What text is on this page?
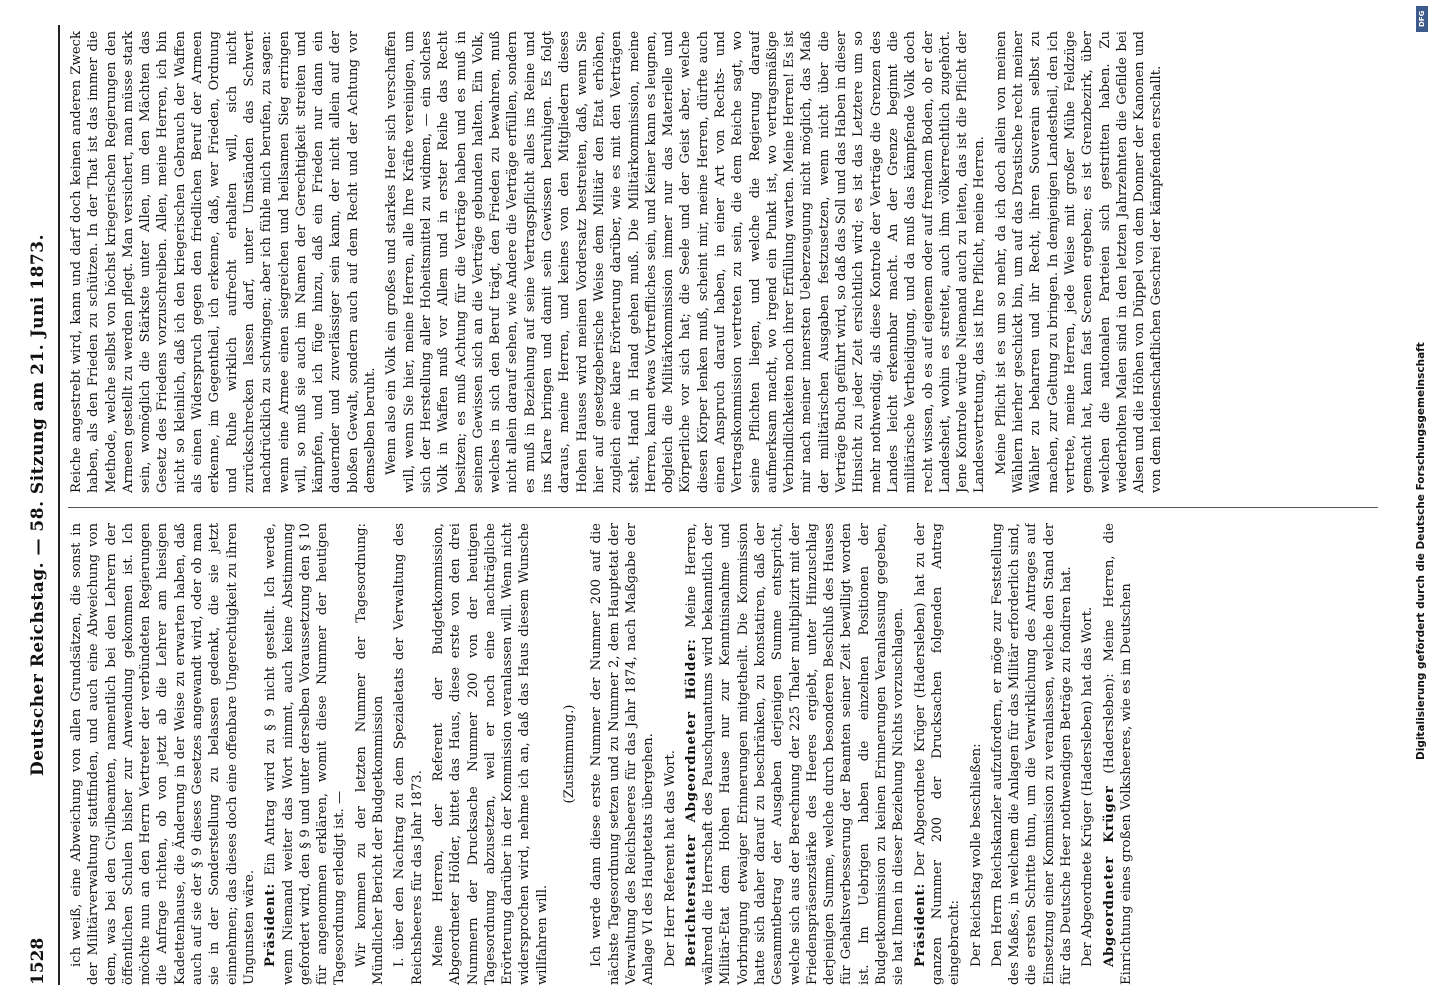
1528
Deutscher Reichstag. — 58. Sitzung am 21. Juni 1873. ich weiß, eine Abweichung von allen Grundsätzen, die sonst in der Militärverwaltung stattfinden, und auch eine Abweichung von dem, was bei den Civilbeamten, namentlich bei den Lehrern der öffentlichen Schulen bisher zur Anwendung gekommen ist. Ich möchte nun an den Herrn Vertreter der verbündeten Regierungen die Anfrage richten, ob von jetzt ab die Lehrer am hiesigen Kadettenhause, die Änderung in der Weise zu erwarten haben, daß auch auf sie der § 9 dieses Gesetzes angewandt wird, oder ob man sie in der Sonderstellung zu belassen gedenkt, die sie jetzt einnehmen; das dieses doch eine offenbare Ungerechtigkeit zu ihren Ungunsten wäre. Präsident: Ein Antrag wird zu § 9 nicht gestellt. Ich werde, wenn Niemand weiter das Wort nimmt, auch keine Abstimmung gefordert wird, den § 9 und unter derselben Voraussetzung den § 10 für angenommen erklären, womit diese Nummer der heutigen Tagesordnung erledigt ist. — Wir kommen zu der letzten Nummer der Tagesordnung: Mündlicher Bericht der Budgetkommission I. über den Nachtrag zu dem Spezialetats der Verwaltung des Reichsheeres für das Jahr 1873. Meine Herren, der Referent der Budgetkommission, Abgeordneter Hölder, bittet das Haus, diese erste von den drei Nummern der Drucksache Nummer 200 von der heutigen Tagesordnung abzusetzen, weil er noch eine nachträgliche Erörterung darüber in der Kommission veranlassen will. Wenn nicht widersprochen wird, nehme ich an, daß das Haus diesem Wunsche willfahren will.

(Zustimmung.) Ich werde dann diese erste Nummer der Nummer 200 auf die nächste Tagesordnung setzen und zu Nummer 2, dem Hauptetat der Verwaltung des Reichsheeres für das Jahr 1874, nach Maßgabe der Anlage VI des Hauptetats übergehen. Der Herr Referent hat das Wort. Berichterstatter Abgeordneter Hölder: Meine Herren, während die Herrschaft des Pauschquantums wird bekanntlich der Militär-Etat dem Hohen Hause nur zur Kenntnisnahme und Vorbringung etwaiger Erinnerungen mitgetheilt. Die Kommission hatte sich daher darauf zu beschränken, zu konstatiren, daß der Gesammtbetrag der Ausgaben derjenigen Summe entspricht, welche sich aus der Berechnung der 225 Thaler multiplizirt mit der Friedenspräsenzstärke des Heeres ergiebt, unter Hinzuschlag derjenigen Summe, welche durch besonderen Beschluß des Hauses für Gehaltsverbesserung der Beamten seiner Zeit bewilligt worden ist. Im Uebrigen haben die einzelnen Positionen der Budgetkommission zu keinen Erinnerungen Veranlassung gegeben, sie hat Ihnen in dieser Beziehung Nichts vorzuschlagen. Präsident: Der Abgeordnete Krüger (Hadersleben) hat zu der ganzen Nummer 200 der Drucksachen folgenden Antrag eingebracht: Der Reichstag wolle beschließen: Den Herrn Reichskanzler aufzufordern, er möge zur Feststellung des Maßes, in welchem die Anlagen für das Militär erforderlich sind, die ersten Schritte thun, um die Verwirklichung des Antrages auf Einsetzung einer Kommission zu veranlassen, welche den Stand der für das Deutsche Heer nothwendigen Beträge zu fondiren hat. Der Abgeordnete Krüger (Hadersleben) hat das Wort. Abgeordneter Krüger (Hadersleben): Meine Herren, die Einrichtung eines großen Volksheeres, wie es im Deutschen

Reiche angestrebt wird, kann und darf doch keinen anderen Zweck haben, als den Frieden zu schützen. In der That ist das immer die Methode, welche selbst von höchst kriegerischen Regierungen den Armeen gestellt zu werden pflegt. Man versichert, man müsse stark sein, womöglich die Stärkste unter Allen, um den Mächten das Gesetz des Friedens vorzuschreiben. Allen, meine Herren, ich bin nicht so kleinlich, daß ich den kriegerischen Gebrauch der Waffen als einen Widerspruch gegen den friedlichen Beruf der Armeen erkenne, im Gegentheil, ich erkenne, daß, wer Frieden, Ordnung und Ruhe wirklich aufrecht erhalten will, sich nicht zurückschrecken lassen darf, unter Umständen das Schwert nachdrücklich zu schwingen; aber ich fühle mich berufen, zu sagen: wenn eine Armee einen siegreichen und heilsamen Sieg erringen will, so muß sie auch im Namen der Gerechtigkeit streiten und kämpfen, und ich füge hinzu, daß ein Frieden nur dann ein dauernder und zuverlässiger sein kann, der nicht allein auf der bloßen Gewalt, sondern auch auf dem Recht und der Achtung vor demselben beruht. Wenn also ein Volk ein großes und starkes Heer sich verschaffen will, wenn Sie hier, meine Herren, alle Ihre Kräfte vereinigen, um sich der Herstellung aller Hoheitsmittel zu widmen, — ein solches Volk in Waffen muß vor Allem und in erster Reihe das Recht besitzen; es muß Achtung für die Verträge haben und es muß in seinem Gewissen sich an die Verträge gebunden halten. Ein Volk, welches in sich den Beruf trägt, den Frieden zu bewahren, muß nicht allein darauf sehen, wie Andere die Verträge erfüllen, sondern es muß in Beziehung auf seine Vertragspflicht alles ins Reine und ins Klare bringen und damit sein Gewissen beruhigen. Es folgt daraus, meine Herren, und keines von den Mitgliedern dieses Hohen Hauses wird meinen Vordersatz bestreiten, daß, wenn Sie hier auf gesetzgeberische Weise dem Militär den Etat erhöhen, zugleich eine klare Erörterung darüber, wie es mit den Verträgen steht, Hand in Hand gehen muß. Die Militärkommission, meine Herren, kann etwas Vortreffliches sein, und Keiner kann es leugnen, obgleich die Militärkommission immer nur das Materielle und Körperliche vor sich hat; die Seele und der Geist aber, welche diesen Körper lenken muß, scheint mir, meine Herren, dürfte auch einen Anspruch darauf haben, in einer Art von Rechts- und Vertragskommission vertreten zu sein, die dem Reiche sagt, wo seine Pflichten liegen, und welche die Regierung darauf aufmerksam macht, wo irgend ein Punkt ist, wo vertragsmäßige Verbindlichkeiten noch ihrer Erfüllung warten. Meine Herren! Es ist mir nach meiner innersten Ueberzeugung nicht möglich, das Maß der militärischen Ausgaben festzusetzen, wenn nicht über die Verträge Buch geführt wird, so daß das Soll und das Haben in dieser Hinsicht zu jeder Zeit ersichtlich wird; es ist das Letztere um so mehr nothwendig, als diese Kontrole der Verträge die Grenzen des Landes leicht erkennbar macht. An der Grenze beginnt die militärische Vertheidigung, und da muß das kämpfende Volk doch recht wissen, ob es auf eigenem oder auf fremdem Boden, ob er der Landesheit, wohin es streitet, auch ihm völkerrechtlich zugehört. Jene Kontrole würde Niemand auch zu leiten, das ist die Pflicht der Landesvertretung, das ist Ihre Pflicht, meine Herren. Meine Pflicht ist es um so mehr, da ich doch allein von meinen Wählern hierher geschickt bin, um auf das Drastische recht meiner Wähler zu beharren und ihr Recht, ihren Souverain selbst zu machen, zur Geltung zu bringen. In demjenigen Landestheil, den ich vertrete, meine Herren, jede Weise mit großer Mühe Feldzüge gemacht hat, kann fast Scenen ergeben; es ist Grenzbezirk, über welchen die nationalen Parteien sich gestritten haben. Zu wiederholten Malen sind in den letzten Jahrzehnten die Gefilde bei Alsen und die Höhen von Düppel von dem Donner der Kanonen und von dem leidenschaftlichen Geschrei der kämpfenden erschallt.

DFG
Digitalisierung gefördert durch die Deutsche Forschungsgemeinschaft
